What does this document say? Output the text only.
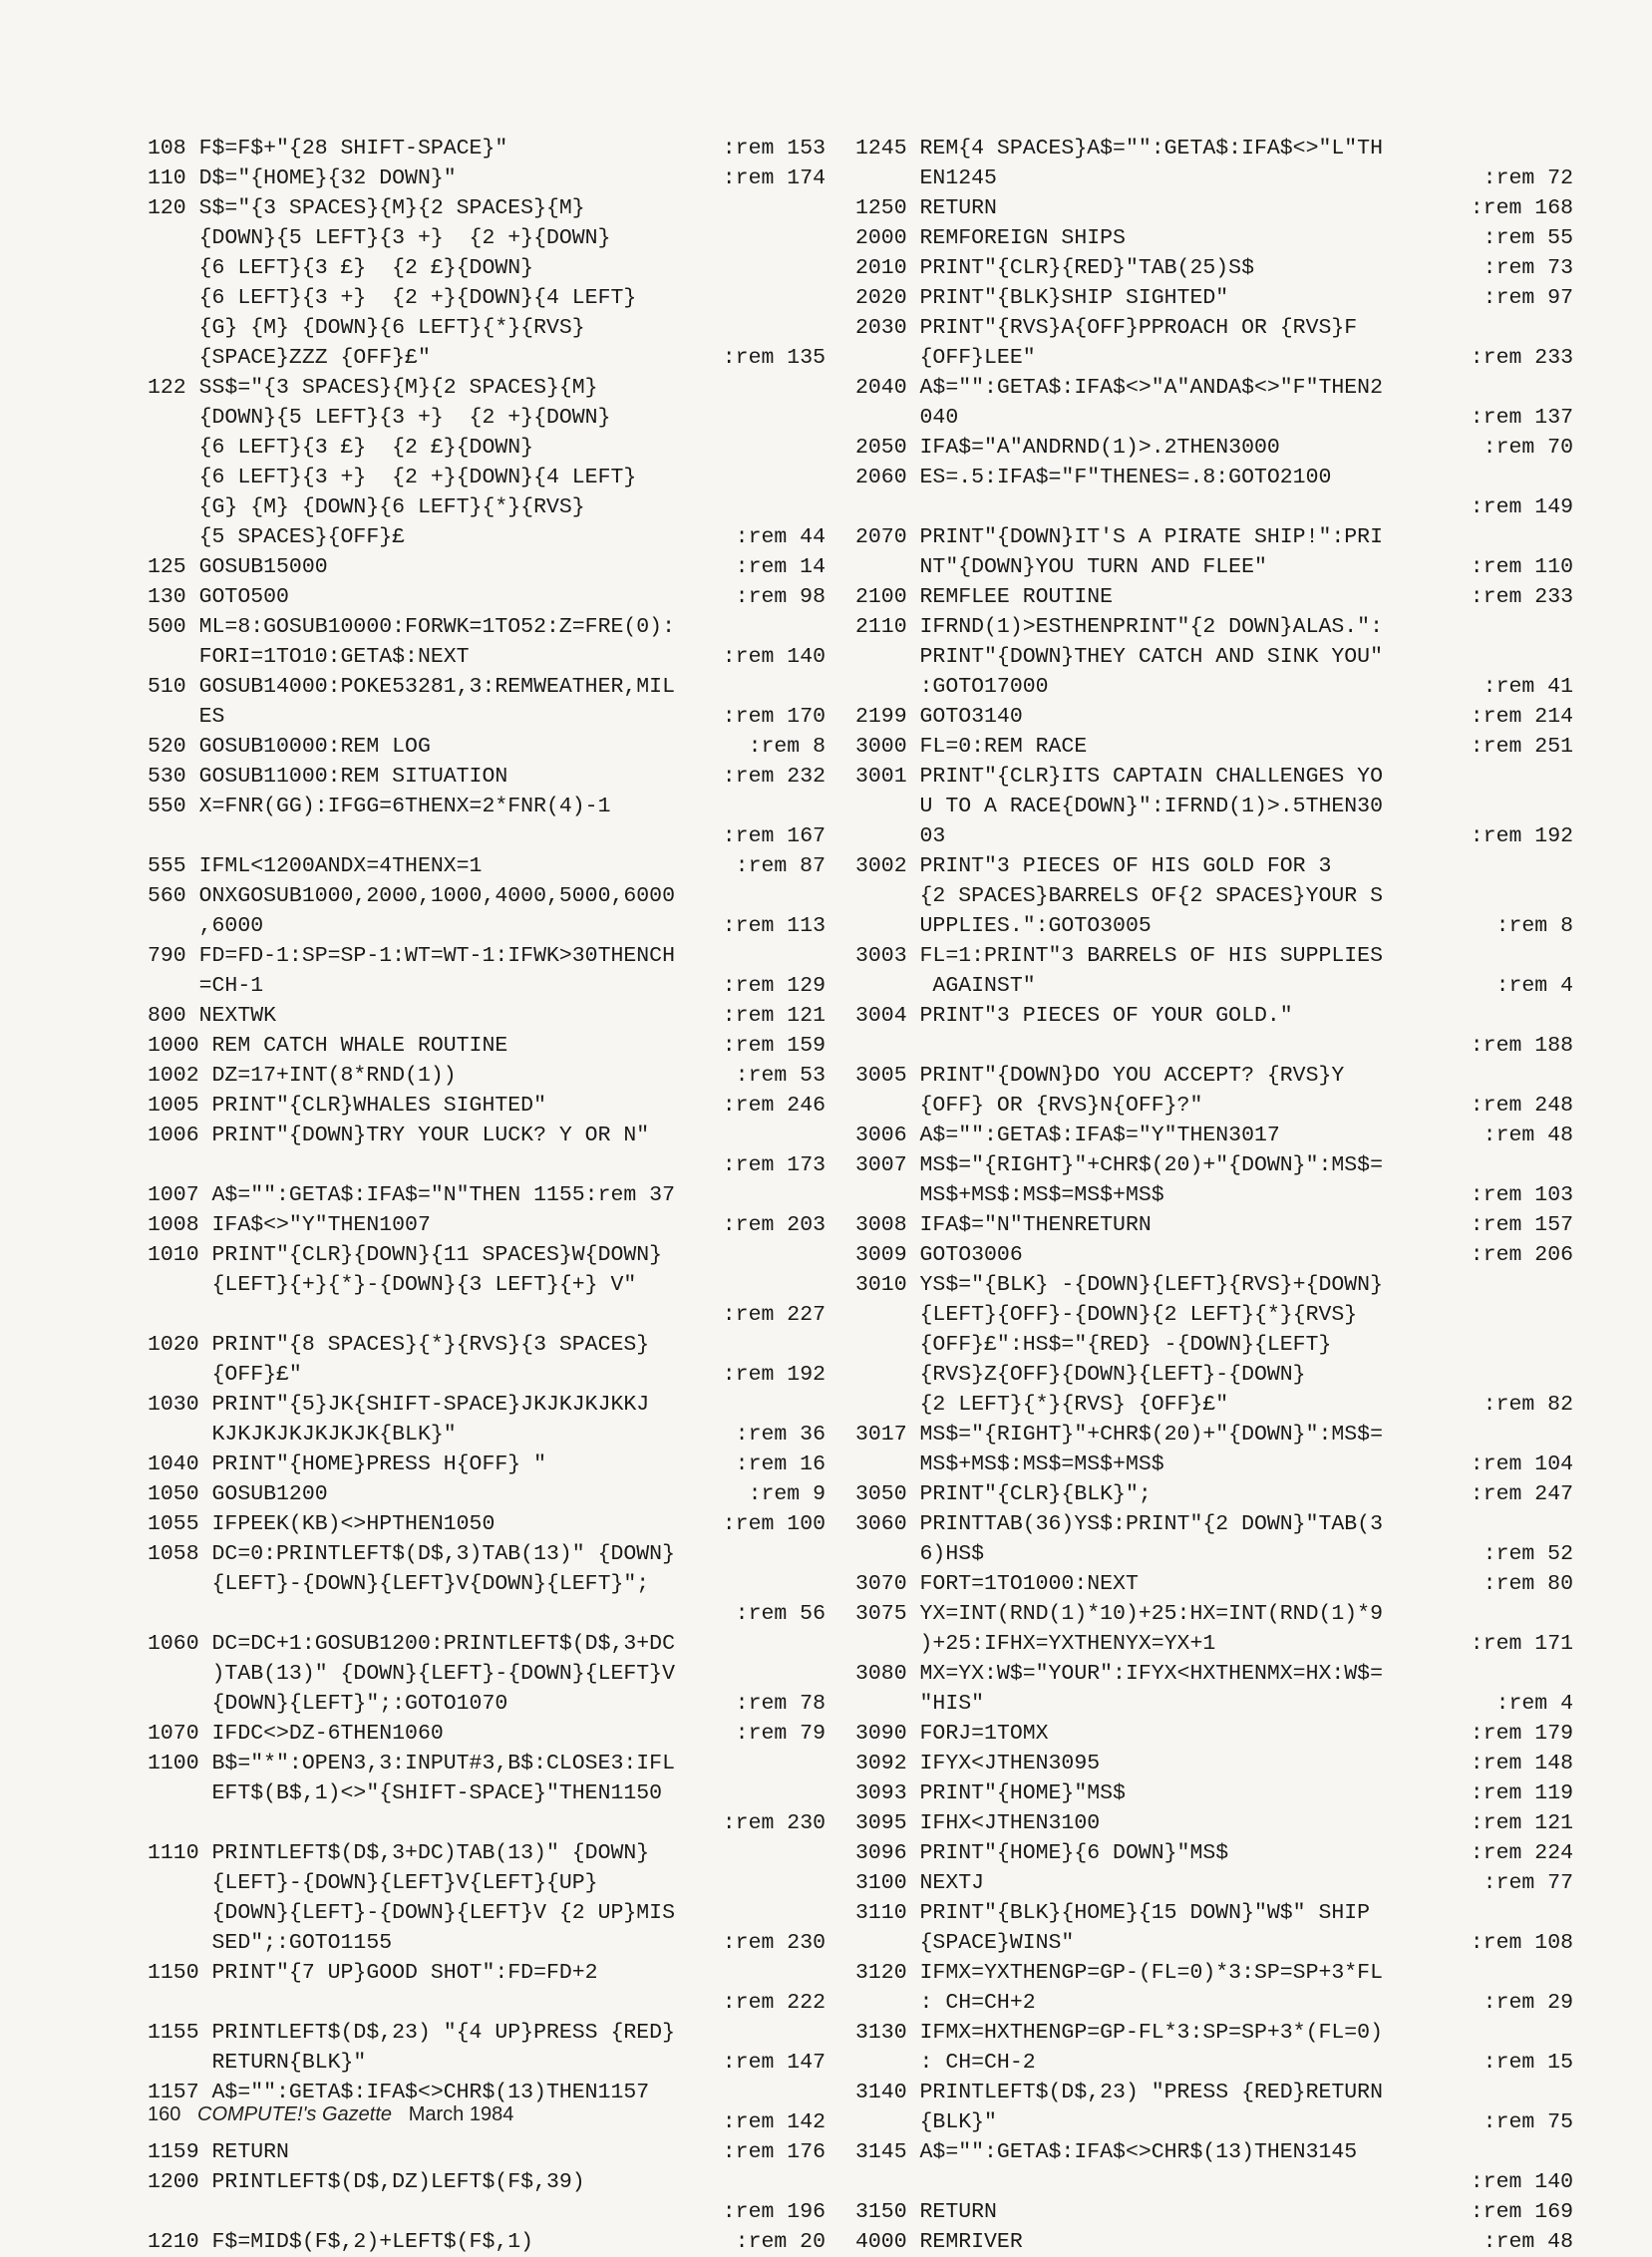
108 F$=F$+"{28 SHIFT-SPACE}"	:rem 153
110 D$="{HOME}{32 DOWN}"	:rem 174
120 S$="{3 SPACES}{M}{2 SPACES}{M}
{DOWN}{5 LEFT}{3 +}  {2 +}{DOWN}
{6 LEFT}{3 £}  {2 £}{DOWN}
{6 LEFT}{3 +}  {2 +}{DOWN}{4 LEFT}
{G} {M} {DOWN}{6 LEFT}{*}{RVS}
{SPACE}ZZZ {OFF}£"	:rem 135
122 SS$="{3 SPACES}{M}{2 SPACES}{M}
{DOWN}{5 LEFT}{3 +}  {2 +}{DOWN}
{6 LEFT}{3 £}  {2 £}{DOWN}
{6 LEFT}{3 +}  {2 +}{DOWN}{4 LEFT}
{G} {M} {DOWN}{6 LEFT}{*}{RVS}
{5 SPACES}{OFF}£	:rem 44
125 GOSUB15000	:rem 14
130 GOTO500	:rem 98
500 ML=8:GOSUB10000:FORWK=1TO52:Z=FRE(0):
FORI=1TO10:GETA$:NEXT	:rem 140
510 GOSUB14000:POKE53281,3:REMWEATHER,MIL
ES	:rem 170
520 GOSUB10000:REM LOG	:rem 8
530 GOSUB11000:REM SITUATION	:rem 232
550 X=FNR(GG):IFGG=6THENX=2*FNR(4)-1
:rem 167
555 IFML<1200ANDX=4THENX=1	:rem 87
560 ONXGOSUB1000,2000,1000,4000,5000,6000
,6000	:rem 113
790 FD=FD-1:SP=SP-1:WT=WT-1:IFWK>30THENCH
=CH-1	:rem 129
800 NEXTWK	:rem 121
1000 REM CATCH WHALE ROUTINE	:rem 159
1002 DZ=17+INT(8*RND(1))	:rem 53
1005 PRINT"{CLR}WHALES SIGHTED"	:rem 246
1006 PRINT"{DOWN}TRY YOUR LUCK? Y OR N"
:rem 173
1007 A$="":GETA$:IFA$="N"THEN 1155:rem 37
1008 IFA$<>"Y"THEN1007	:rem 203
1010 PRINT"{CLR}{DOWN}{11 SPACES}W{DOWN}
{LEFT}{+}{*}-{DOWN}{3 LEFT}{+} V"
:rem 227
1020 PRINT"{8 SPACES}{*}{RVS}{3 SPACES}
{OFF}£"	:rem 192
1030 PRINT"{5}JK{SHIFT-SPACE}JKJKJKJKKJ
KJKJKJKJKJKJK{BLK}"	:rem 36
1040 PRINT"{HOME}PRESS H{OFF} "	:rem 16
1050 GOSUB1200	:rem 9
1055 IFPEEK(KB)<>HPTHEN1050	:rem 100
1058 DC=0:PRINTLEFT$(D$,3)TAB(13)" {DOWN}
{LEFT}-{DOWN}{LEFT}V{DOWN}{LEFT}";
:rem 56
1060 DC=DC+1:GOSUB1200:PRINTLEFT$(D$,3+DC
)TAB(13)" {DOWN}{LEFT}-{DOWN}{LEFT}V
{DOWN}{LEFT}";:GOTO1070	:rem 78
1070 IFDC<>DZ-6THEN1060	:rem 79
1100 B$="*":OPEN3,3:INPUT#3,B$:CLOSE3:IFL
EFT$(B$,1)<>"{SHIFT-SPACE}"THEN1150
:rem 230
1110 PRINTLEFT$(D$,3+DC)TAB(13)" {DOWN}
{LEFT}-{DOWN}{LEFT}V{LEFT}{UP}
{DOWN}{LEFT}-{DOWN}{LEFT}V {2 UP}MIS
SED";:GOTO1155	:rem 230
1150 PRINT"{7 UP}GOOD SHOT":FD=FD+2
:rem 222
1155 PRINTLEFT$(D$,23) "{4 UP}PRESS {RED}
RETURN{BLK}"	:rem 147
1157 A$="":GETA$:IFA$<>CHR$(13)THEN1157
:rem 142
1159 RETURN	:rem 176
1200 PRINTLEFT$(D$,DZ)LEFT$(F$,39)
:rem 196
1210 F$=MID$(F$,2)+LEFT$(F$,1)	:rem 20
1245 REM{4 SPACES}A$="":GETA$:IFA$<>"L"TH
EN1245	:rem 72
1250 RETURN	:rem 168
2000 REMFOREIGN SHIPS	:rem 55
2010 PRINT"{CLR}{RED}"TAB(25)S$	:rem 73
2020 PRINT"{BLK}SHIP SIGHTED"	:rem 97
2030 PRINT"{RVS}A{OFF}PPROACH OR {RVS}F
{OFF}LEE"	:rem 233
2040 A$="":GETA$:IFA$<>"A"ANDA$<>"F"THEN2
040	:rem 137
2050 IFA$="A"ANDRND(1)>.2THEN3000	:rem 70
2060 ES=.5:IFA$="F"THENES=.8:GOTO2100
:rem 149
2070 PRINT"{DOWN}IT'S A PIRATE SHIP!":PRI
NT"{DOWN}YOU TURN AND FLEE"	:rem 110
2100 REMFLEE ROUTINE	:rem 233
2110 IFRND(1)>ESTHENPRINT"{2 DOWN}ALAS.":
PRINT"{DOWN}THEY CATCH AND SINK YOU"
:GOTO17000	:rem 41
2199 GOTO3140	:rem 214
3000 FL=0:REM RACE	:rem 251
3001 PRINT"{CLR}ITS CAPTAIN CHALLENGES YO
U TO A RACE{DOWN}":IFRND(1)>.5THEN30
03	:rem 192
3002 PRINT"3 PIECES OF HIS GOLD FOR 3
{2 SPACES}BARRELS OF{2 SPACES}YOUR S
UPPLIES.":GOTO3005	:rem 8
3003 FL=1:PRINT"3 BARRELS OF HIS SUPPLIES
AGAINST"	:rem 4
3004 PRINT"3 PIECES OF YOUR GOLD."
:rem 188
3005 PRINT"{DOWN}DO YOU ACCEPT? {RVS}Y
{OFF} OR {RVS}N{OFF}?"	:rem 248
3006 A$="":GETA$:IFA$="Y"THEN3017	:rem 48
3007 MS$="{RIGHT}"+CHR$(20)+"{DOWN}":MS$=
MS$+MS$:MS$=MS$+MS$	:rem 103
3008 IFA$="N"THENRETURN	:rem 157
3009 GOTO3006	:rem 206
3010 YS$="{BLK} -{DOWN}{LEFT}{RVS}+{DOWN}
{LEFT}{OFF}-{DOWN}{2 LEFT}{*}{RVS}
{OFF}£":HS$="{RED} -{DOWN}{LEFT}
{RVS}Z{OFF}{DOWN}{LEFT}-{DOWN}
{2 LEFT}{*}{RVS} {OFF}£"	:rem 82
3017 MS$="{RIGHT}"+CHR$(20)+"{DOWN}":MS$=
MS$+MS$:MS$=MS$+MS$	:rem 104
3050 PRINT"{CLR}{BLK}";	:rem 247
3060 PRINTTAB(36)YS$:PRINT"{2 DOWN}"TAB(3
6)HS$	:rem 52
3070 FORT=1TO1000:NEXT	:rem 80
3075 YX=INT(RND(1)*10)+25:HX=INT(RND(1)*9
)+25:IFHX=YXTHENYX=YX+1	:rem 171
3080 MX=YX:W$="YOUR":IFYX<HXTHENMX=HX:W$=
"HIS"	:rem 4
3090 FORJ=1TOMX	:rem 179
3092 IFYX<JTHEN3095	:rem 148
3093 PRINT"{HOME}"MS$	:rem 119
3095 IFHX<JTHEN3100	:rem 121
3096 PRINT"{HOME}{6 DOWN}"MS$	:rem 224
3100 NEXTJ	:rem 77
3110 PRINT"{BLK}{HOME}{15 DOWN}"W$" SHIP
{SPACE}WINS"	:rem 108
3120 IFMX=YXTHENGP=GP-(FL=0)*3:SP=SP+3*FL
: CH=CH+2	:rem 29
3130 IFMX=HXTHENGP=GP-FL*3:SP=SP+3*(FL=0)
: CH=CH-2	:rem 15
3140 PRINTLEFT$(D$,23) "PRESS {RED}RETURN
{BLK}"	:rem 75
3145 A$="":GETA$:IFA$<>CHR$(13)THEN3145
:rem 140
3150 RETURN	:rem 169
4000 REMRIVER	:rem 48
160 COMPUTE!'s Gazette March 1984
